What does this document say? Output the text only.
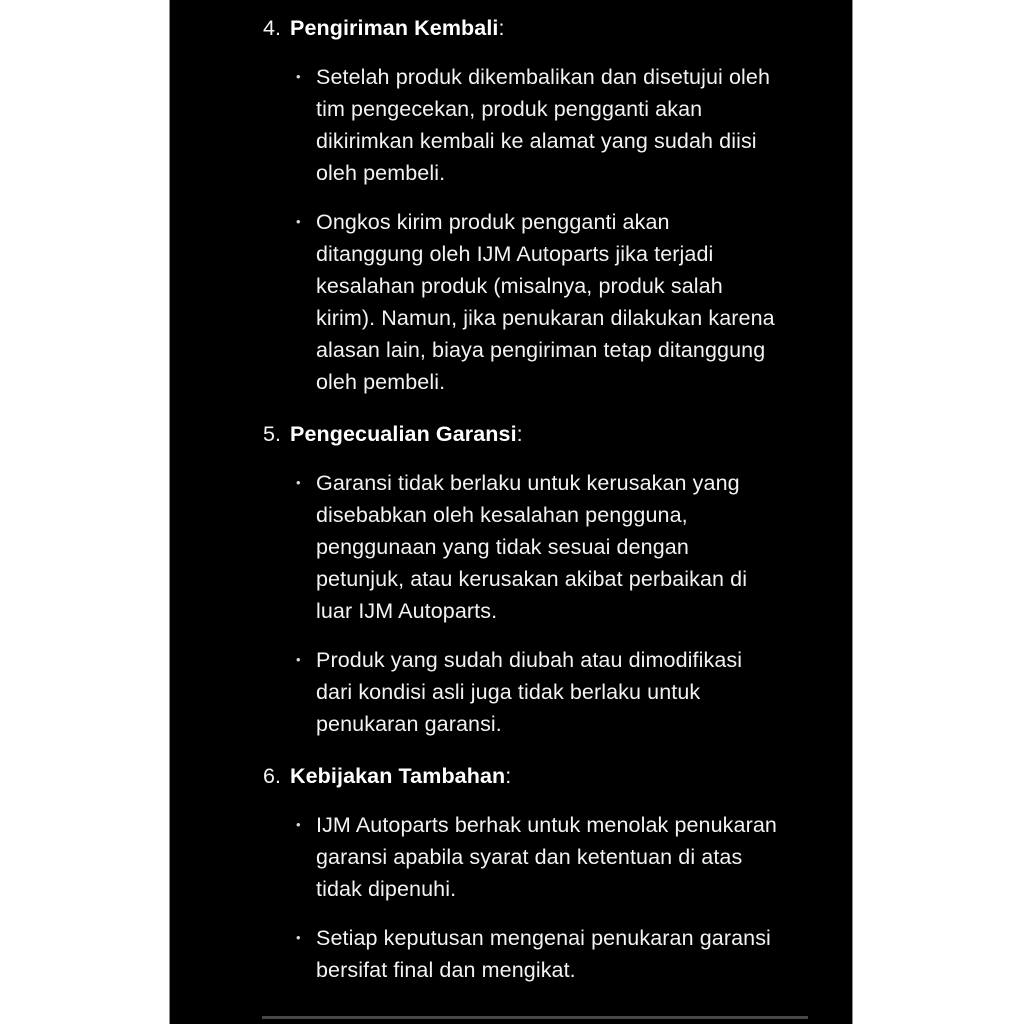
4. Pengiriman Kembali :
• Setelah produk dikembalikan dan disetujui oleh
tim pengecekan, produk pengganti akan
dikirimkan kembali ke alamat yang sudah diisi
oleh pembeli.
• Ongkos kirim produk pengganti akan
ditanggung oleh IJM Autoparts jika terjadi
kesalahan produk (misalnya, produk salah
kirim). Namun, jika penukaran dilakukan karena
alasan lain, biaya pengiriman tetap ditanggung
oleh pembeli.
5. Pengecualian Garansi :
• Garansi tidak berlaku untuk kerusakan yang
disebabkan oleh kesalahan pengguna,
penggunaan yang tidak sesuai dengan
petunjuk, atau kerusakan akibat perbaikan di
luar IJM Autoparts.
• Produk yang sudah diubah atau dimodifikasi
dari kondisi asli juga tidak berlaku untuk
penukaran garansi.
6. Kebijakan Tambahan :
• IJM Autoparts berhak untuk menolak penukaran
garansi apabila syarat dan ketentuan di atas
tidak dipenuhi.
• Setiap keputusan mengenai penukaran garansi
bersifat final dan mengikat.
